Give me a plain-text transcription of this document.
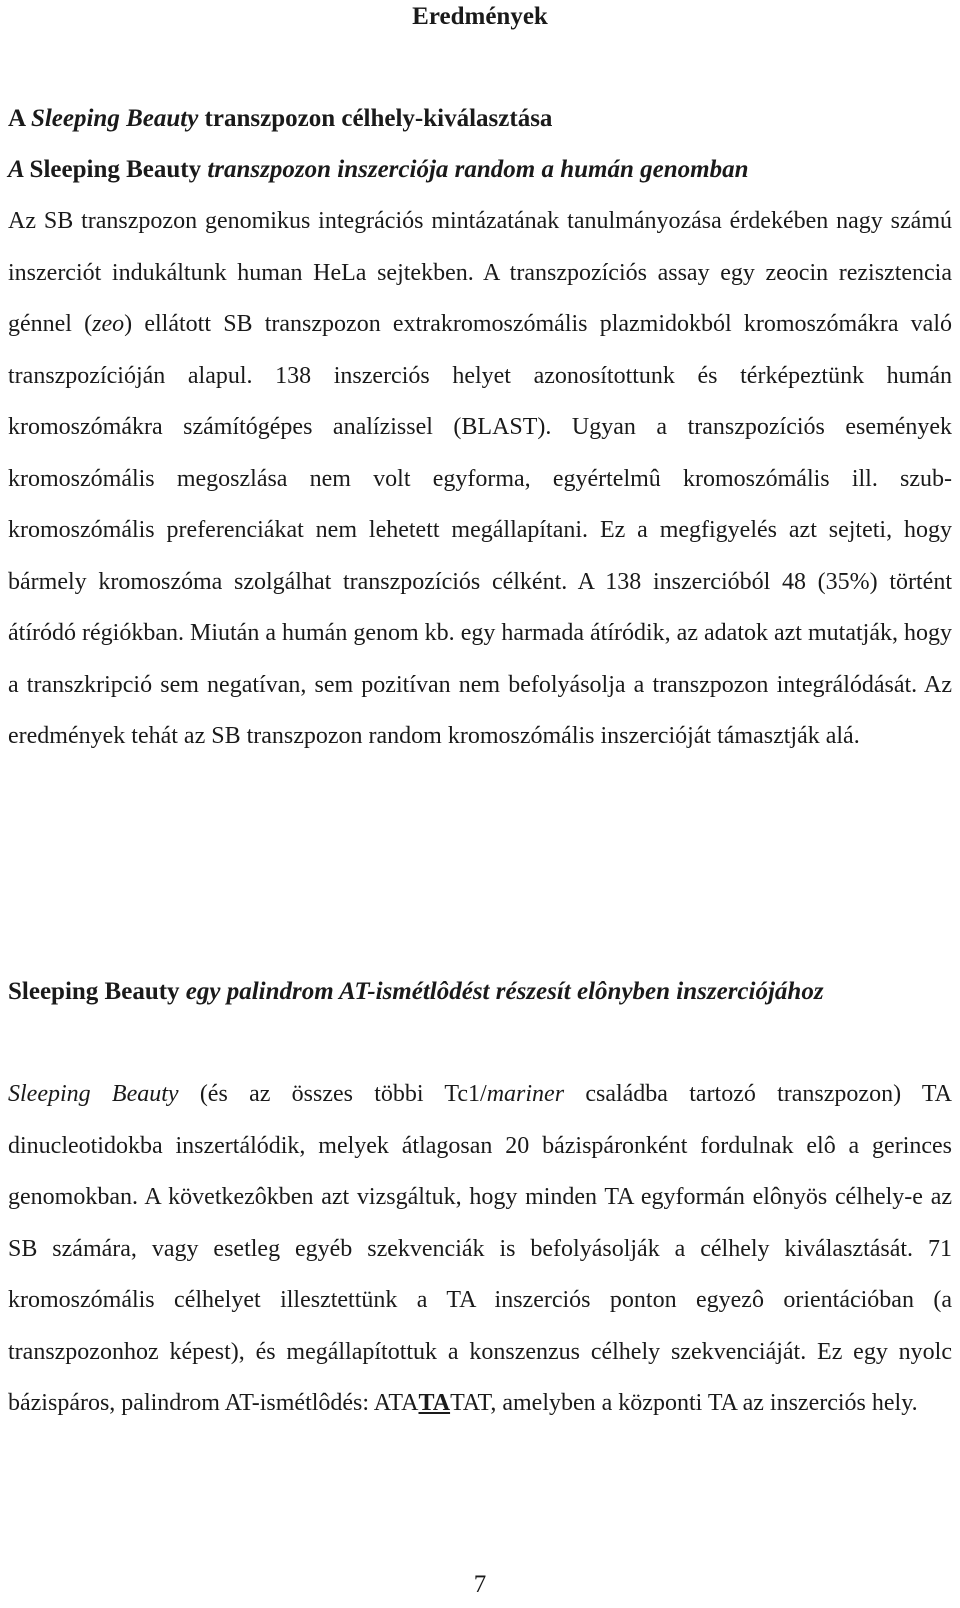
Eredmények
A Sleeping Beauty transzpozon célhely-kiválasztása
A Sleeping Beauty transzpozon inszerciója random a humán genomban

Az SB transzpozon genomikus integrációs mintázatának tanulmányozása érdekében nagy számú inszerciót indukáltunk human HeLa sejtekben. A transzpozíciós assay egy zeocin rezisztencia génnel (zeo) ellátott SB transzpozon extrakromoszómális plazmidokból kromoszómákra való transzpozícióján alapul. 138 inszerciós helyet azonosítottunk és térképeztünk humán kromoszómákra számítógépes analízissel (BLAST). Ugyan a transzpozíciós események kromoszómális megoszlása nem volt egyforma, egyértelmû kromoszómális ill. szub-kromoszómális preferenciákat nem lehetett megállapítani. Ez a megfigyelés azt sejteti, hogy bármely kromoszóma szolgálhat transzpozíciós célként. A 138 inszercióból 48 (35%) történt átíródó régiókban. Miután a humán genom kb. egy harmada átíródik, az adatok azt mutatják, hogy a transzkripció sem negatívan, sem pozitívan nem befolyásolja a transzpozon integrálódását. Az eredmények tehát az SB transzpozon random kromoszómális inszercióját támasztják alá.

Sleeping Beauty egy palindrom AT-ismétlôdést részesít elônyben inszerciójához

Sleeping Beauty (és az összes többi Tc1/mariner családba tartozó transzpozon) TA dinucleotidokba inszertálódik, melyek átlagosan 20 bázispáronként fordulnak elô a gerinces genomokban. A következôkben azt vizsgáltuk, hogy minden TA egyformán elônyös célhely-e az SB számára, vagy esetleg egyéb szekvenciák is befolyásolják a célhely kiválasztását. 71 kromoszómális célhelyet illesztettünk a TA inszerciós ponton egyezô orientációban (a transzpozonhoz képest), és megállapítottuk a konszenzus célhely szekvenciáját. Ez egy nyolc bázispáros, palindrom AT-ismétlôdés: ATATATAT, amelyben a központi TA az inszerciós hely.

7
